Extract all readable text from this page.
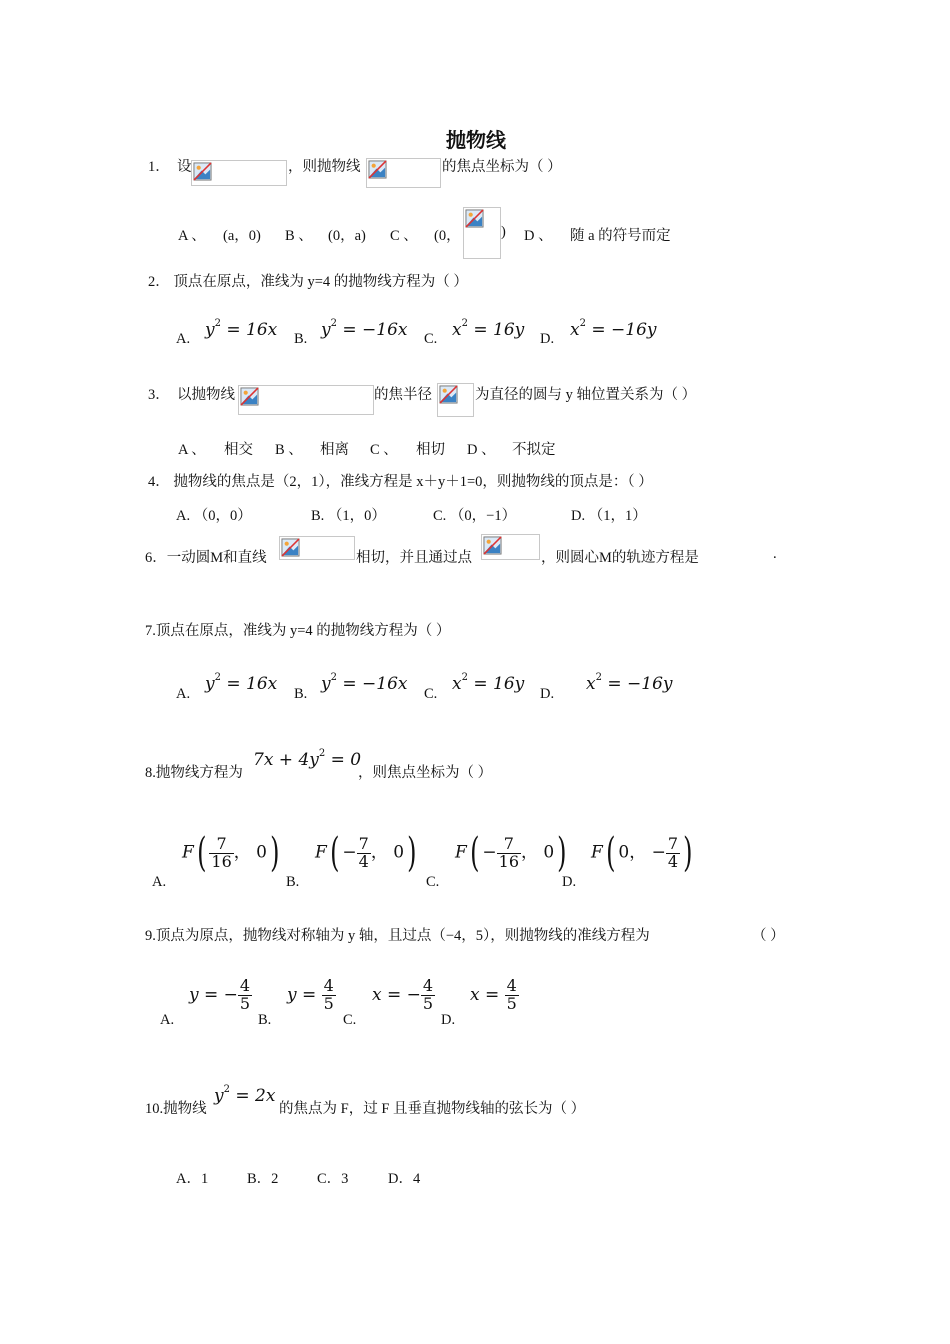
抛物线
1． 设	，则抛物线	的焦点坐标为（ ）
A 、 (a，0) B 、 (0，a) C 、 (0，	) D 、 随 a 的符号而定
2． 顶点在原点，准线为 y=4 的抛物线方程为（ ）
A. $y^2 = 16x$ B. $y^2 = -16x$ C. $x^2 = 16y$ D. $x^2 = -16y$
3． 以抛物线	的焦半径	为直径的圆与 y 轴位置关系为（ ）
A 、 相交 B 、 相离 C 、 相切 D 、 不拟定
4． 抛物线的焦点是（2，1），准线方程是 x＋y＋1=0，则抛物线的顶点是：（ ）
A. （0，0）	B. （1，0）	C. （0，−1）	D. （1，1）
6．一动圆M和直线	相切，并且通过点	，则圆心M的轨迹方程是	.
7.顶点在原点，准线为 y=4 的抛物线方程为（ ）
A. $y^2 = 16x$ B. $y^2 = -16x$ C. $x^2 = 16y$ D. $x^2 = -16y$
8.抛物线方程为
$7x + 4y^2 = 0$
，则焦点坐标为（ ）
A.
$F( \frac{7}{16}$ ， 0)
B.
$F( - \frac{7}{4}$ ， 0)
C.
$F( - \frac{7}{16}$ ， 0)
D.
F( 0， − $\frac{7}{4}$ )
9.顶点为原点，抛物线对称轴为 y 轴，且过点（−4，5），则抛物线的准线方程为	（ ）
A.
y = − $\frac{4}{5}$
B.
$y = \frac{4}{5}$
C.
x = − $\frac{4}{5}$
D.
$x = \frac{4}{5}$
10.抛物线
$y^2 = 2x$
的焦点为 F，过 F 且垂直抛物线轴的弦长为（ ）
A．1	B．2	C．3	D．4
